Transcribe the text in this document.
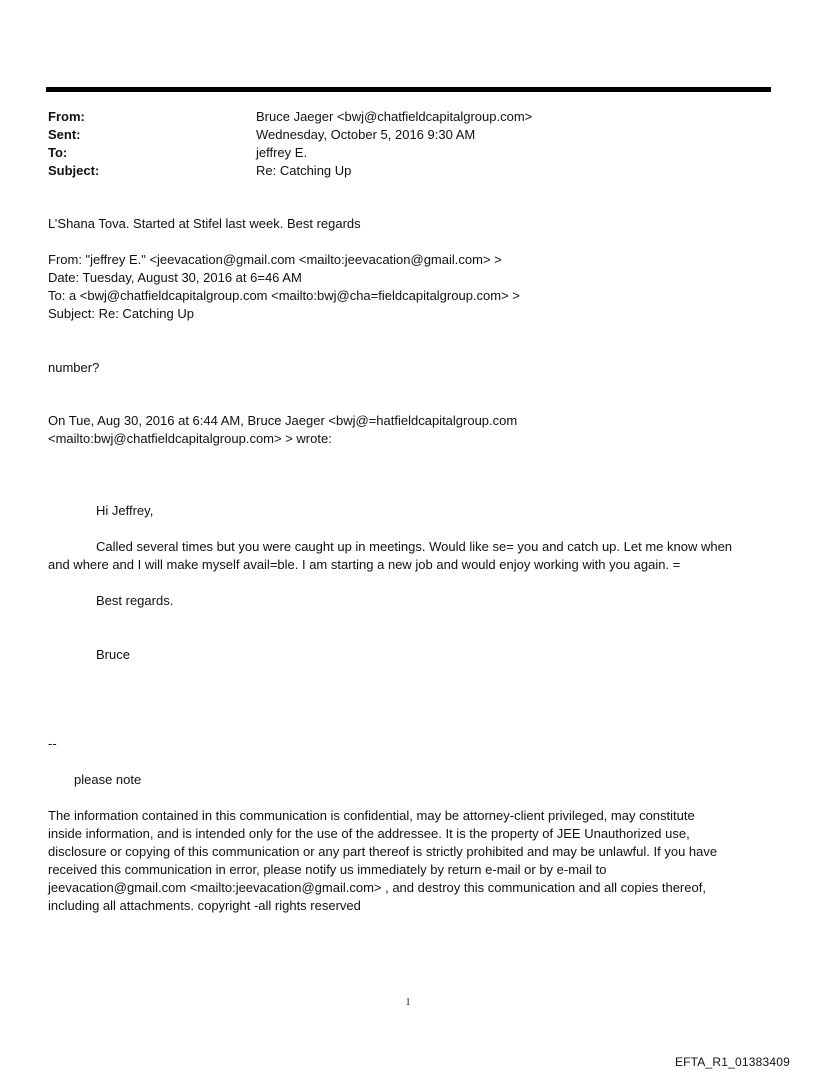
From:	Bruce Jaeger <bwj@chatfieldcapitalgroup.com>
Sent:	Wednesday, October 5, 2016 9:30 AM
To:	jeffrey E.
Subject:	Re: Catching Up
L’Shana Tova. Started at Stifel last week. Best regards
From: "jeffrey E." <jeevacation@gmail.com <mailto:jeevacation@gmail.com> >
Date: Tuesday, August 30, 2016 at 6=46 AM
To: a <bwj@chatfieldcapitalgroup.com <mailto:bwj@cha=fieldcapitalgroup.com> >
Subject: Re: Catching Up
number?
On Tue, Aug 30, 2016 at 6:44 AM, Bruce Jaeger <bwj@=hatfieldcapitalgroup.com
<mailto:bwj@chatfieldcapitalgroup.com> > wrote:
Hi Jeffrey,
Called several times but you were caught up in meetings. Would like se= you and catch up. Let me know when
and where and I will make myself avail=ble. I am starting a new job and would enjoy working with you again. =
Best regards.
Bruce
--
please note
The information contained in this communication is confidential, may be attorney-client privileged, may constitute
inside information, and is intended only for the use of the addressee. It is the property of JEE Unauthorized use,
disclosure or copying of this communication or any part thereof is strictly prohibited and may be unlawful. If you have
received this communication in error, please notify us immediately by return e-mail or by e-mail to
jeevacation@gmail.com <mailto:jeevacation@gmail.com> , and destroy this communication and all copies thereof,
including all attachments. copyright -all rights reserved
1
EFTA_R1_01383409
